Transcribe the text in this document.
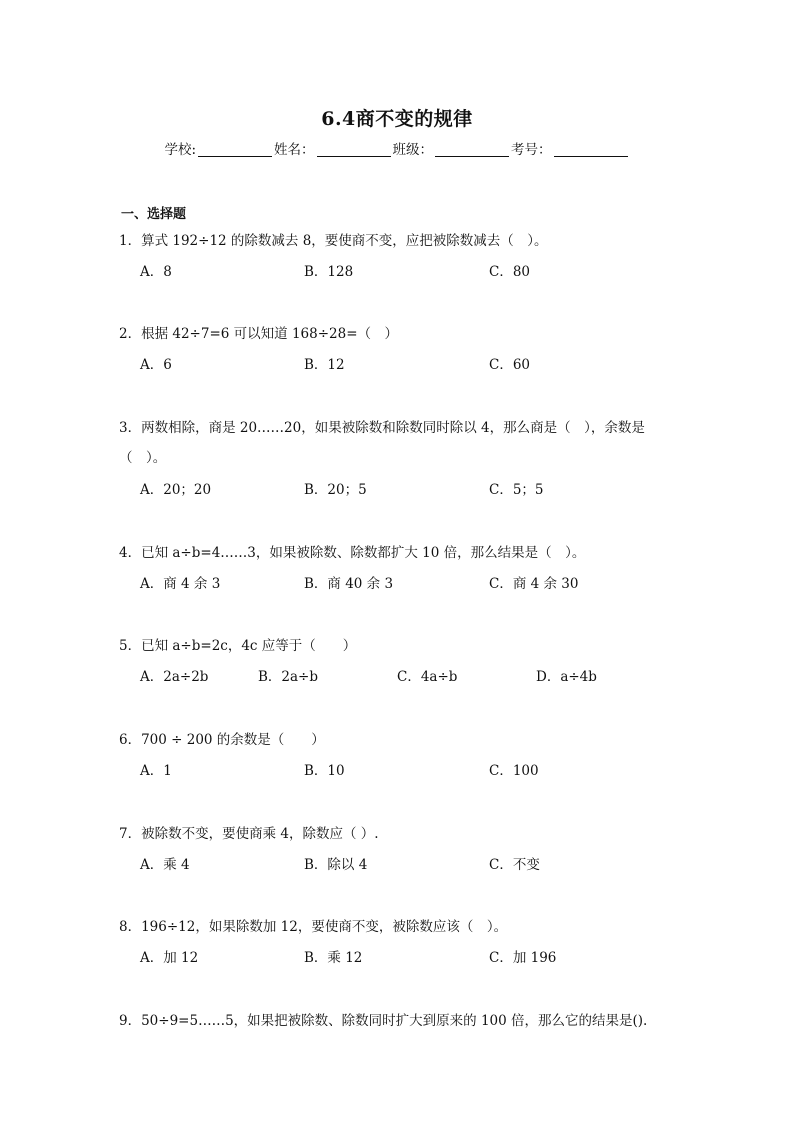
6.4商不变的规律
学校:	姓名：	班级：	考号：
一、选择题
1．算式 192÷12 的除数减去 8，要使商不变，应把被除数减去（　）。
A．8	B．128	C．80
2．根据 42÷7=6 可以知道 168÷28=（　）
A．6	B．12	C．60
3．两数相除，商是 20……20，如果被除数和除数同时除以 4，那么商是（　），余数是
（　）。
A．20；20	B．20；5	C．5；5
4．已知 a÷b=4……3，如果被除数、除数都扩大 10 倍，那么结果是（　）。
A．商 4 余 3	B．商 40 余 3	C．商 4 余 30
5．已知 a÷b=2c，4c 应等于（　　）
A．2a÷2b	B．2a÷b	C．4a÷b	D．a÷4b
6．700 ÷ 200 的余数是（　　）
A．1	B．10	C．100
7．被除数不变，要使商乘 4，除数应（ ）.
A．乘 4	B．除以 4	C．不变
8．196÷12，如果除数加 12，要使商不变，被除数应该（　）。
A．加 12	B．乘 12	C．加 196
9．50÷9=5……5，如果把被除数、除数同时扩大到原来的 100 倍，那么它的结果是().
